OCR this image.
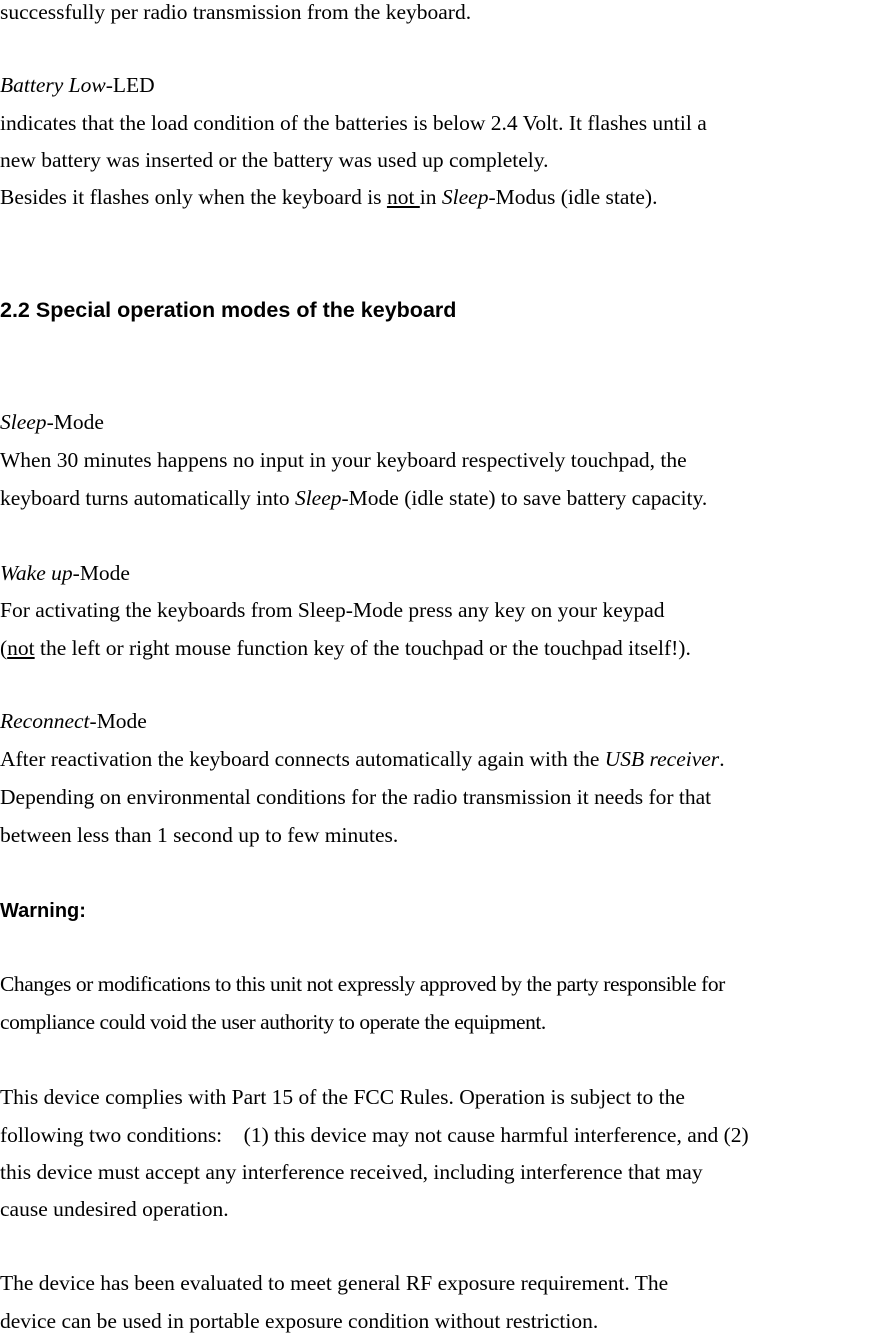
successfully per radio transmission from the keyboard.

Battery Low-LED

indicates that the load condition of the batteries is below 2.4 Volt. It flashes until a

new battery was inserted or the battery was used up completely.

Besides it flashes only when the keyboard is not in Sleep-Modus (idle state).

2.2 Special operation modes of the keyboard

Sleep-Mode

When 30 minutes happens no input in your keyboard respectively touchpad, the

keyboard turns automatically into Sleep-Mode (idle state) to save battery capacity.

Wake up-Mode

For activating the keyboards from Sleep-Mode press any key on your keypad

(not the left or right mouse function key of the touchpad or the touchpad itself!).

Reconnect-Mode

After reactivation the keyboard connects automatically again with the USB receiver.

Depending on environmental conditions for the radio transmission it needs for that

between less than 1 second up to few minutes.

Warning:

Changes or modifications to this unit not expressly approved by the party responsible for

compliance could void the user authority to operate the equipment.

This device complies with Part 15 of the FCC Rules. Operation is subject to the

following two conditions:    (1) this device may not cause harmful interference, and (2)

this device must accept any interference received, including interference that may

cause undesired operation.

The device has been evaluated to meet general RF exposure requirement. The

device can be used in portable exposure condition without restriction.
